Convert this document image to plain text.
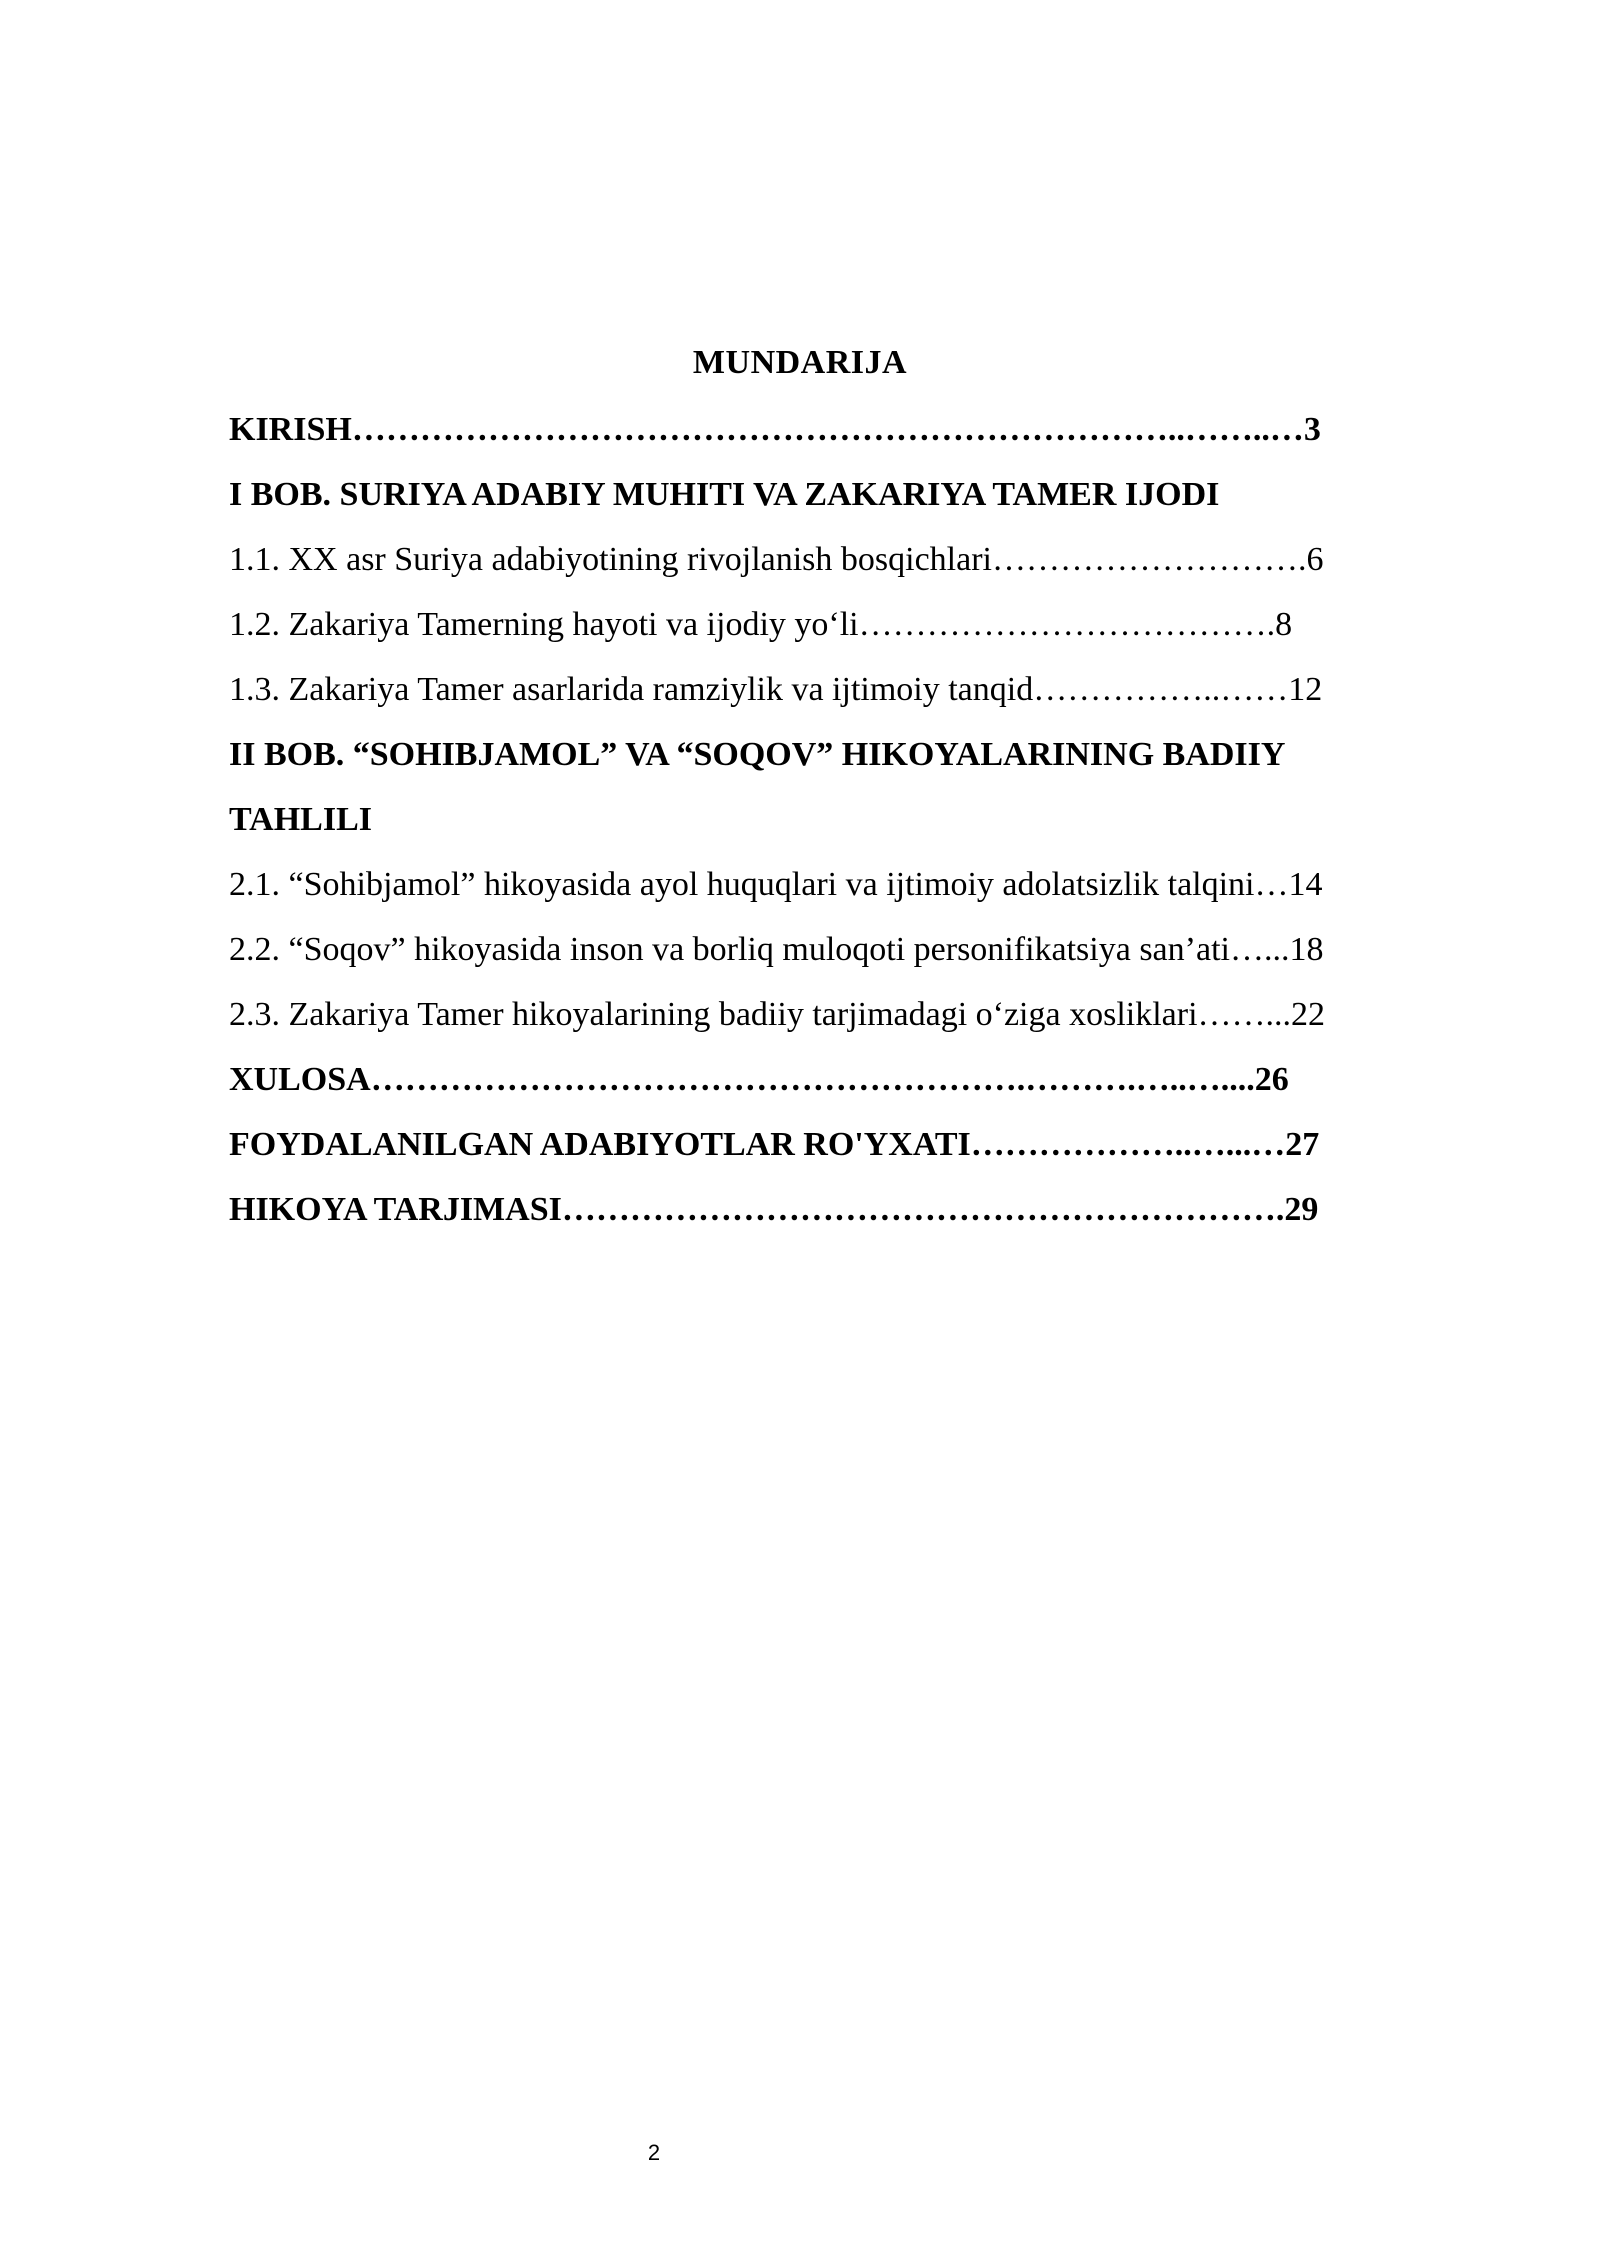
MUNDARIJA
KIRISH………………………………………………………………..……..…3
I BOB. SURIYA ADABIY MUHITI VA ZAKARIYA TAMER IJODI
1.1. XX asr Suriya adabiyotining rivojlanish bosqichlari……………………….6
1.2. Zakariya Tamerning hayoti va ijodiy yo‘li……………………………….8
1.3. Zakariya Tamer asarlarida ramziylik va ijtimoiy tanqid……………..……12
II BOB. “SOHIBJAMOL” VA “SOQOV” HIKOYALARINING BADIIY
TAHLILI
2.1. “Sohibjamol” hikoyasida ayol huquqlari va ijtimoiy adolatsizlik talqini…14
2.2. “Soqov” hikoyasida inson va borliq muloqoti personifikatsiya san’ati…...18
2.3. Zakariya Tamer hikoyalarining badiiy tarjimadagi o‘ziga xosliklari……...22
XULOSA………………………………………………….……….…..…....26
FOYDALANILGAN ADABIYOTLAR RO'YXATI………………..…...…27
HIKOYA TARJIMASI……………………………………………………….29
2
